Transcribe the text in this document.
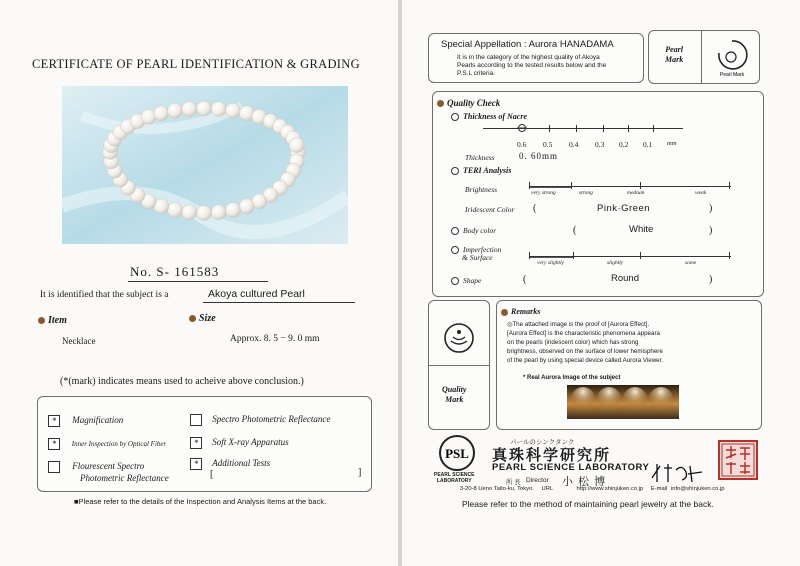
CERTIFICATE OF PEARL IDENTIFICATION & GRADING
No. S- 161583
It is identified that the subject is a	Akoya cultured Pearl
Item	Size
Necklace	Approx. 8. 5 − 9. 0 mm
(*(mark) indicates means used to acheive above conclusion.)
* Magnification
* Inner Inspection by Optical Fiber
Flourescent Spectro
Photometric Reflectance
Spectro Photometric Reflectance
* Soft X-ray Apparatus
* Additional Tests
[	]
■Please refer to the details of the Inspection and Analysis Items at the back.
Special Appellation : Aurora HANADAMA
It is in the category of the highest quality of Akoya
Pearls according to the tested results below and the
P.S.L criteria.
Pearl
Mark
Pearl Mark
Quality Check
Thickness of Nacre
0.6 0.5 0.4 0.3 0.2 0.1 mm
Thickness	0. 60mm
TERI Analysis
Brightness	very strong	strong	medium	weak
Iridescent Color (	Pink·Green	)
Body color	(	White	)
Imperfection
& Surface
very slightly	slightly	some
Shape	(	Round	)
Quality
Mark
Remarks
◎The attached image is the proof of [Aurora Effect].
[Aurora Effect] is the characteristic phenomena appeara
on the pearls (iridescent color) which has strong
brightness, observed on the surface of lower hemisphere
of the pearl by using special device called Aurora Viewer.
* Real Aurora Image of the subject
PSL
PEARL SCIENCE
LABORATORY
パールのシンクタンク
真珠科学研究所
PEARL SCIENCE LABORATORY
所 長 Director 小 松 博
3-20-8 Ueno Taito-ku, Tokyo. URL	http://www.shinjuken.co.jp E-mail info@shinjuken.co.jp
Please refer to the method of maintaining pearl jewelry at the back.
